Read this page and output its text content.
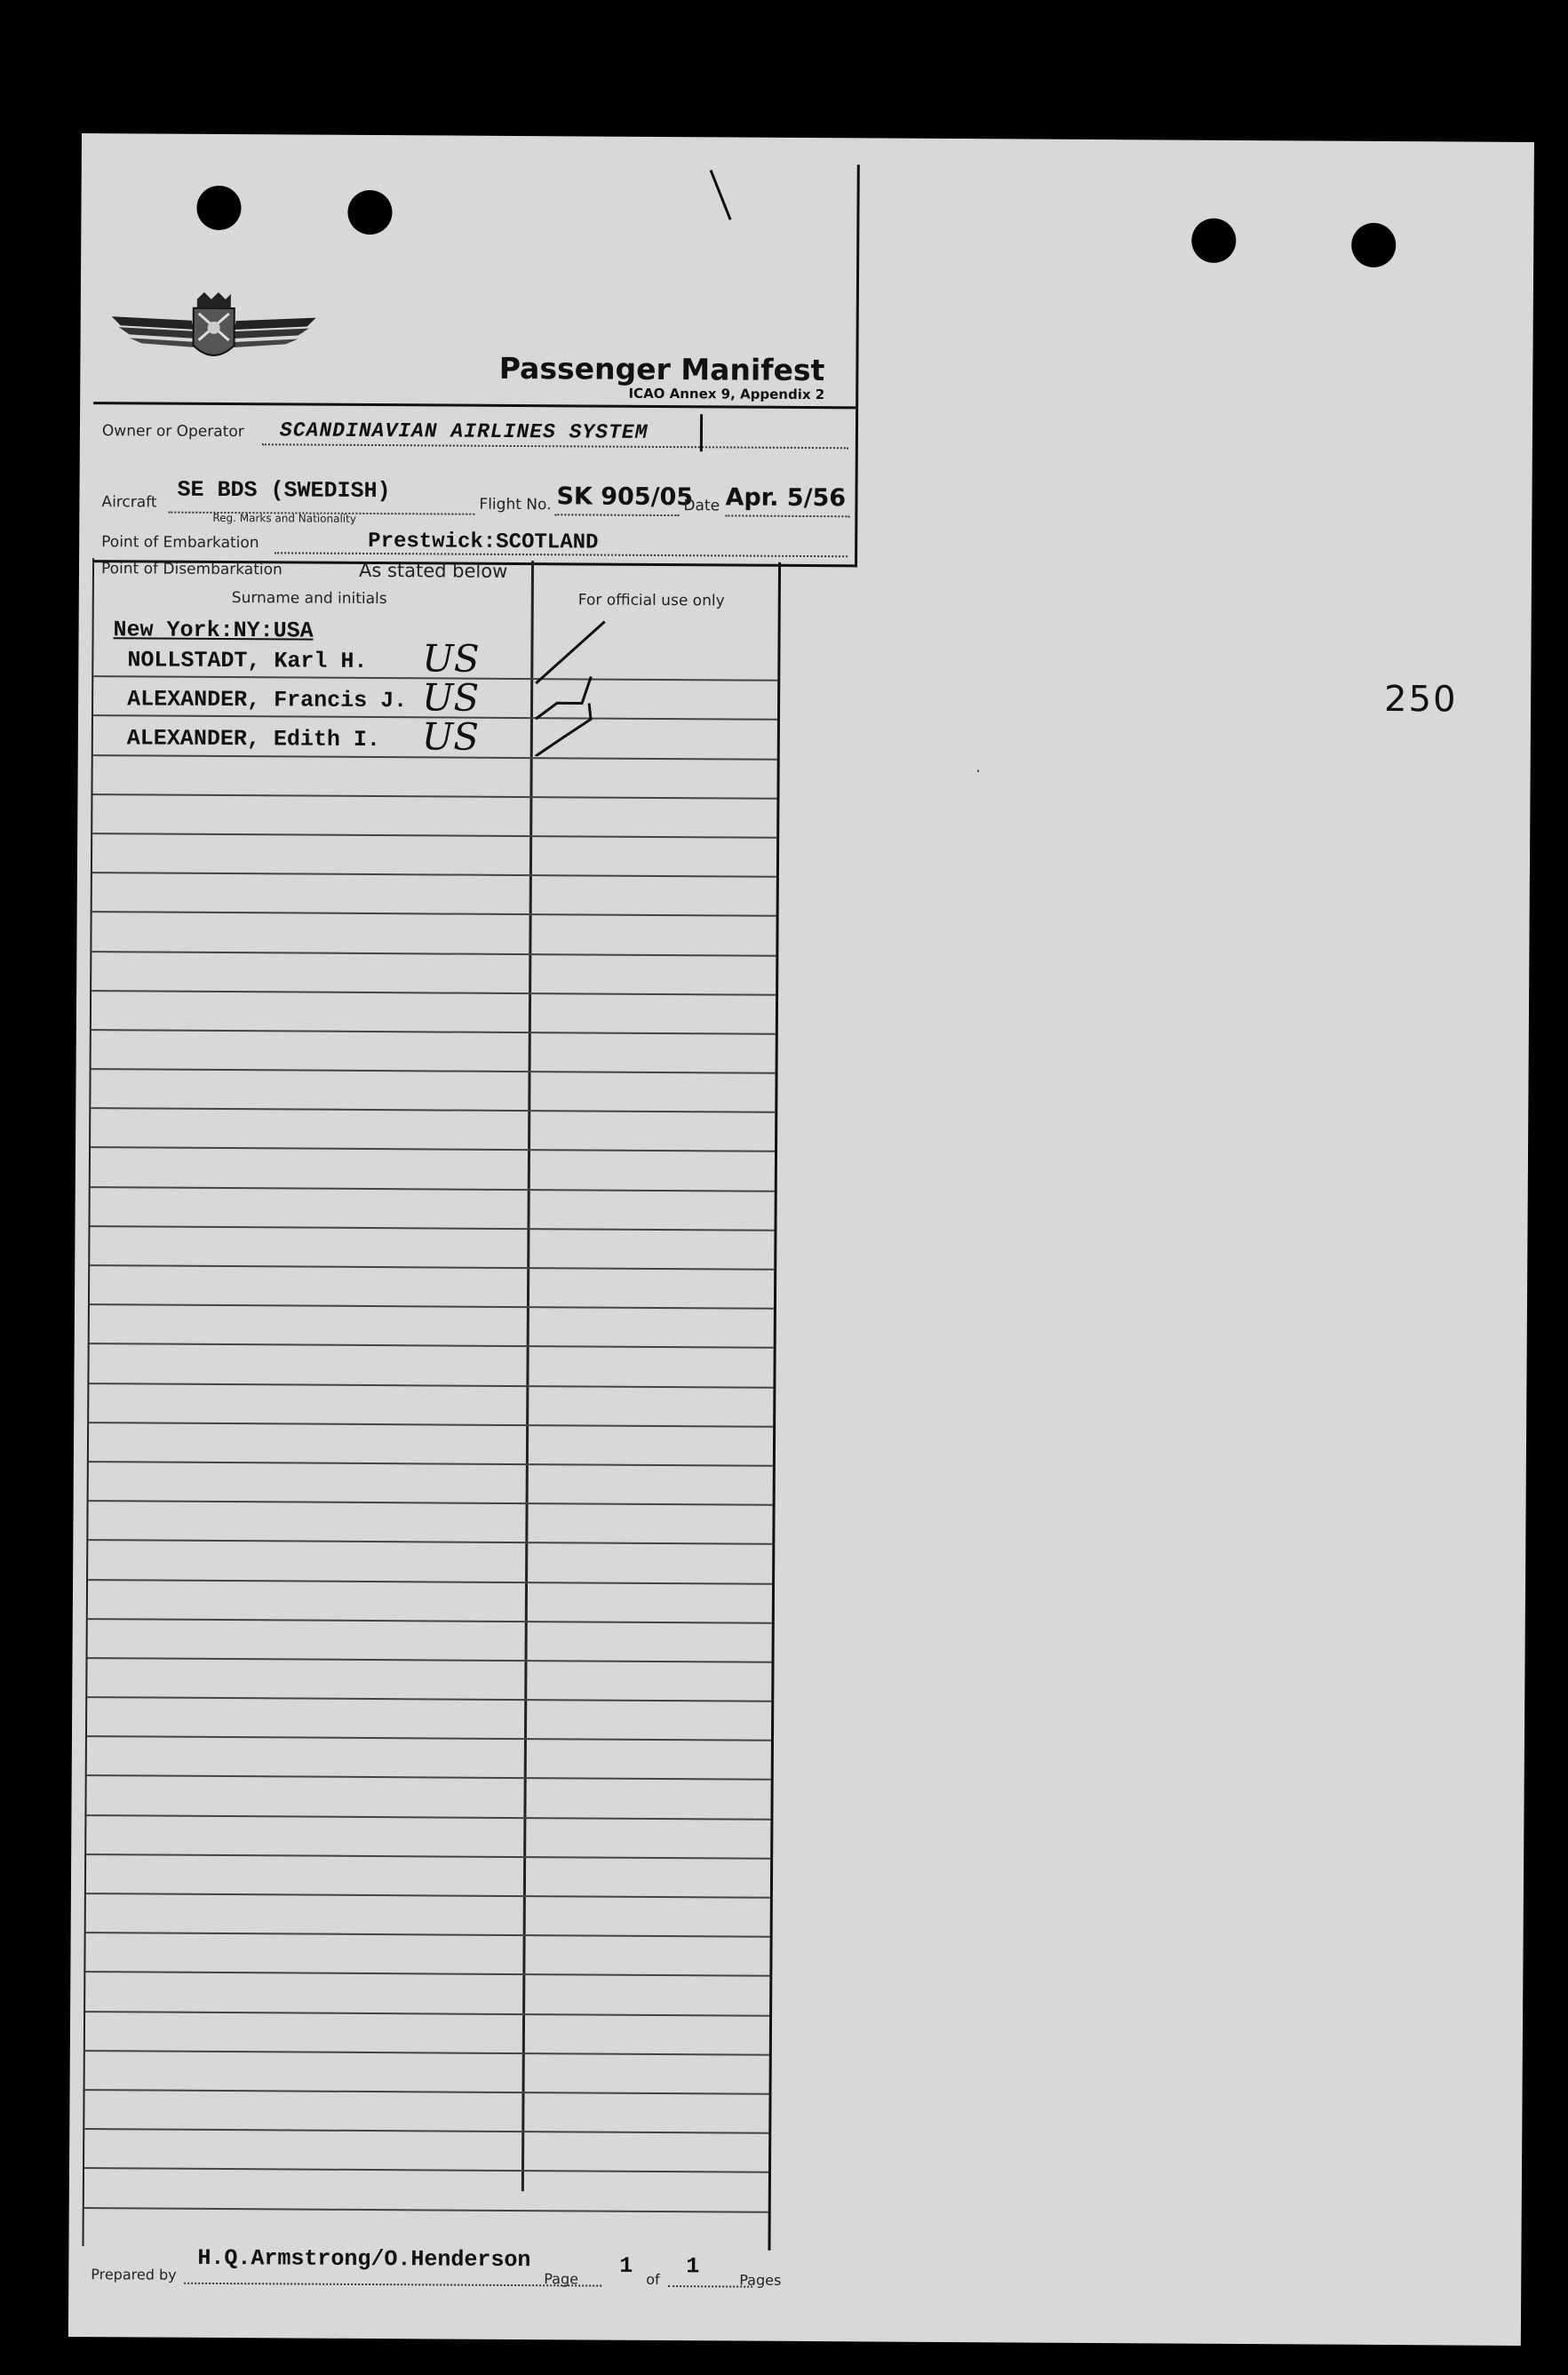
250
·
Passenger Manifest
ICAO Annex 9, Appendix 2
Owner or Operator SCANDINAVIAN AIRLINES SYSTEM
Aircraft SE BDS (SWEDISH)
Reg. Marks and Nationality
Flight No. SK 905/05
Date Apr. 5/56
Point of Embarkation	Prestwick:SCOTLAND
Point of Disembarkation	As stated below
Surname and initials	For official use only
New York:NY:USA
NOLLSTADT, Karl H. US
ALEXANDER, Francis J. US
ALEXANDER, Edith I. US
Prepared by
H.Q.Armstrong/O.Henderson
Page
1
of
1
Pages
